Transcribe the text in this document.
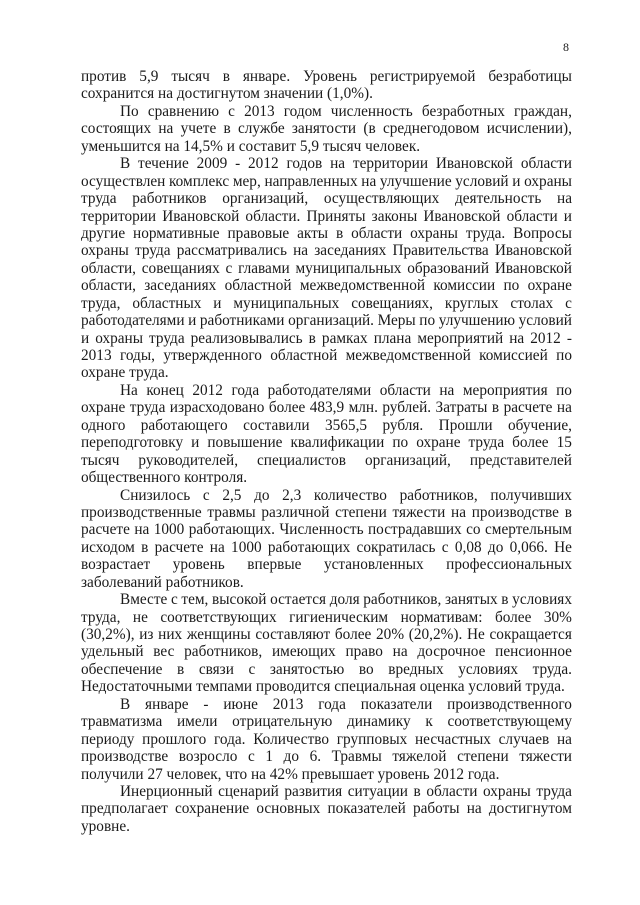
8
против 5,9 тысяч в январе. Уровень регистрируемой безработицы
сохранится на достигнутом значении (1,0%).
По сравнению с 2013 годом численность безработных граждан,
состоящих на учете в службе занятости (в среднегодовом исчислении),
уменьшится на 14,5% и составит 5,9 тысяч человек.
В течение 2009 - 2012 годов на территории Ивановской области
осуществлен комплекс мер, направленных на улучшение условий и охраны
труда работников организаций, осуществляющих деятельность на
территории Ивановской области. Приняты законы Ивановской области и
другие нормативные правовые акты в области охраны труда. Вопросы
охраны труда рассматривались на заседаниях Правительства Ивановской
области, совещаниях с главами муниципальных образований Ивановской
области, заседаниях областной межведомственной комиссии по охране
труда, областных и муниципальных совещаниях, круглых столах с
работодателями и работниками организаций. Меры по улучшению условий
и охраны труда реализовывались в рамках плана мероприятий на 2012 -
2013 годы, утвержденного областной межведомственной комиссией по
охране труда.
На конец 2012 года работодателями области на мероприятия по
охране труда израсходовано более 483,9 млн. рублей. Затраты в расчете на
одного работающего составили 3565,5 рубля. Прошли обучение,
переподготовку и повышение квалификации по охране труда более 15
тысяч руководителей, специалистов организаций, представителей
общественного контроля.
Снизилось с 2,5 до 2,3 количество работников, получивших
производственные травмы различной степени тяжести на производстве в
расчете на 1000 работающих. Численность пострадавших со смертельным
исходом в расчете на 1000 работающих сократилась с 0,08 до 0,066. Не
возрастает уровень впервые установленных профессиональных
заболеваний работников.
Вместе с тем, высокой остается доля работников, занятых в условиях
труда, не соответствующих гигиеническим нормативам: более 30%
(30,2%), из них женщины составляют более 20% (20,2%). Не сокращается
удельный вес работников, имеющих право на досрочное пенсионное
обеспечение в связи с занятостью во вредных условиях труда.
Недостаточными темпами проводится специальная оценка условий труда.
В январе - июне 2013 года показатели производственного
травматизма имели отрицательную динамику к соответствующему
периоду прошлого года. Количество групповых несчастных случаев на
производстве возросло с 1 до 6. Травмы тяжелой степени тяжести
получили 27 человек, что на 42% превышает уровень 2012 года.
Инерционный сценарий развития ситуации в области охраны труда
предполагает сохранение основных показателей работы на достигнутом
уровне.
